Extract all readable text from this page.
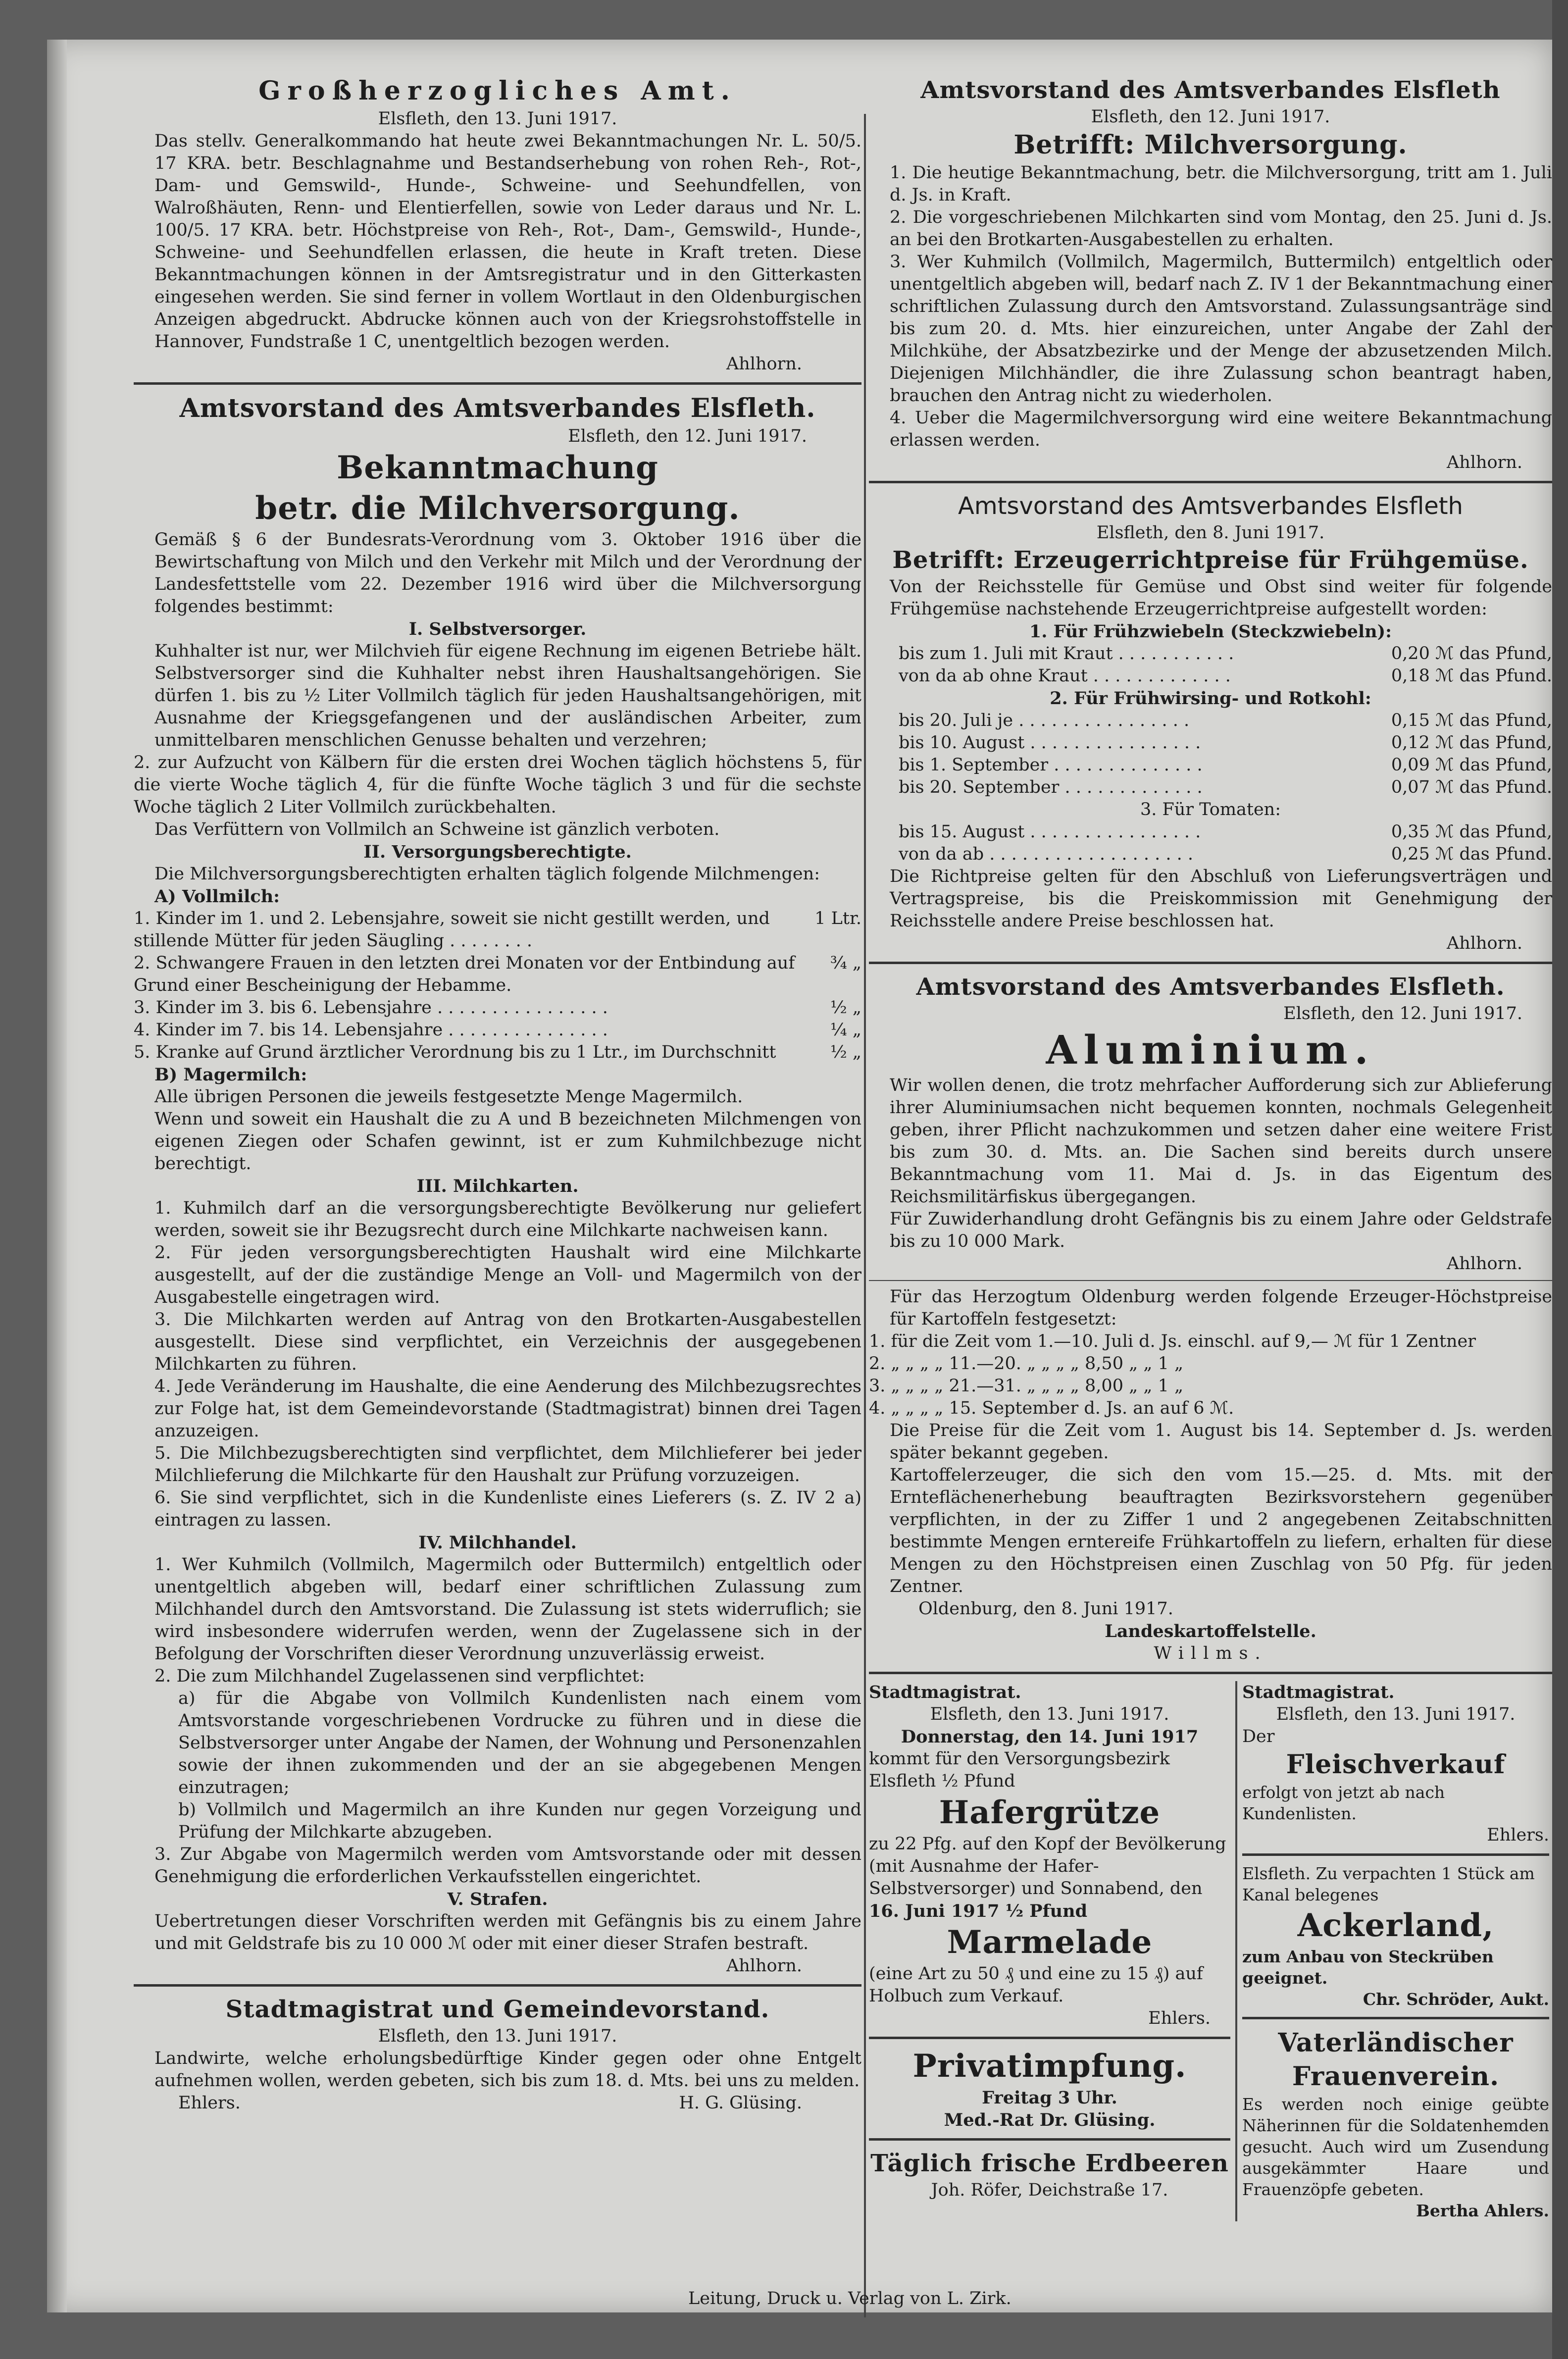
Großherzogliches Amt.
Elsfleth, den 13. Juni 1917.

Das stellv. Generalkommando hat heute zwei Bekanntmachungen Nr. L. 50/5. 17 KRA. betr. Beschlagnahme und Bestandserhebung von rohen Reh-, Rot-, Dam- und Gemswild-, Hunde-, Schweine- und Seehundfellen, von Walroßhäuten, Renn- und Elentierfellen, sowie von Leder daraus und Nr. L. 100/5. 17 KRA. betr. Höchstpreise von Reh-, Rot-, Dam-, Gemswild-, Hunde-, Schweine- und Seehundfellen erlassen, die heute in Kraft treten. Diese Bekanntmachungen können in der Amtsregistratur und in den Gitterkasten eingesehen werden. Sie sind ferner in vollem Wortlaut in den Oldenburgischen Anzeigen abgedruckt. Abdrucke können auch von der Kriegsrohstoffstelle in Hannover, Fundstraße 1 C, unentgeltlich bezogen werden.

Ahlhorn.
Amtsvorstand des Amtsverbandes Elsfleth.
Elsfleth, den 12. Juni 1917.
Bekanntmachung
betr. die Milchversorgung.

Gemäß § 6 der Bundesrats-Verordnung vom 3. Oktober 1916 über die Bewirtschaftung von Milch und den Verkehr mit Milch und der Verordnung der Landesfettstelle vom 22. Dezember 1916 wird über die Milchversorgung folgendes bestimmt:

I. Selbstversorger.

Kuhhalter ist nur, wer Milchvieh für eigene Rechnung im eigenen Betriebe hält. Selbstversorger sind die Kuhhalter nebst ihren Haushaltsangehörigen. Sie dürfen 1. bis zu ½ Liter Vollmilch täglich für jeden Haushaltsangehörigen, mit Ausnahme der Kriegsgefangenen und der ausländischen Arbeiter, zum unmittelbaren menschlichen Genusse behalten und verzehren;

2. zur Aufzucht von Kälbern für die ersten drei Wochen täglich höchstens 5, für die vierte Woche täglich 4, für die fünfte Woche täglich 3 und für die sechste Woche täglich 2 Liter Vollmilch zurückbehalten.

Das Verfüttern von Vollmilch an Schweine ist gänzlich verboten.

II. Versorgungsberechtigte.

Die Milchversorgungsberechtigten erhalten täglich folgende Milchmengen:

A) Vollmilch:

1. Kinder im 1. und 2. Lebensjahre, soweit sie nicht gestillt werden, und stillende Mütter für jeden Säugling . . . . . . . .
1 Ltr.
2. Schwangere Frauen in den letzten drei Monaten vor der Entbindung auf Grund einer Bescheinigung der Hebamme.
¾ „
3. Kinder im 3. bis 6. Lebensjahre . . . . . . . . . . . . . . . .	½ „
4. Kinder im 7. bis 14. Lebensjahre . . . . . . . . . . . . . . .	¼ „
5. Kranke auf Grund ärztlicher Verordnung bis zu 1 Ltr., im Durchschnitt	½ „

B) Magermilch:

Alle übrigen Personen die jeweils festgesetzte Menge Magermilch.

Wenn und soweit ein Haushalt die zu A und B bezeichneten Milchmengen von eigenen Ziegen oder Schafen gewinnt, ist er zum Kuhmilchbezuge nicht berechtigt.

III. Milchkarten.

1. Kuhmilch darf an die versorgungsberechtigte Bevölkerung nur geliefert werden, soweit sie ihr Bezugsrecht durch eine Milchkarte nachweisen kann.

2. Für jeden versorgungsberechtigten Haushalt wird eine Milchkarte ausgestellt, auf der die zuständige Menge an Voll- und Magermilch von der Ausgabestelle eingetragen wird.

3. Die Milchkarten werden auf Antrag von den Brotkarten-Ausgabestellen ausgestellt. Diese sind verpflichtet, ein Verzeichnis der ausgegebenen Milchkarten zu führen.

4. Jede Veränderung im Haushalte, die eine Aenderung des Milchbezugsrechtes zur Folge hat, ist dem Gemeindevorstande (Stadtmagistrat) binnen drei Tagen anzuzeigen.

5. Die Milchbezugsberechtigten sind verpflichtet, dem Milchlieferer bei jeder Milchlieferung die Milchkarte für den Haushalt zur Prüfung vorzuzeigen.

6. Sie sind verpflichtet, sich in die Kundenliste eines Lieferers (s. Z. IV 2 a) eintragen zu lassen.

IV. Milchhandel.

1. Wer Kuhmilch (Vollmilch, Magermilch oder Buttermilch) entgeltlich oder unentgeltlich abgeben will, bedarf einer schriftlichen Zulassung zum Milchhandel durch den Amtsvorstand. Die Zulassung ist stets widerruflich; sie wird insbesondere widerrufen werden, wenn der Zugelassene sich in der Befolgung der Vorschriften dieser Verordnung unzuverlässig erweist.

2. Die zum Milchhandel Zugelassenen sind verpflichtet:

a) für die Abgabe von Vollmilch Kundenlisten nach einem vom Amtsvorstande vorgeschriebenen Vordrucke zu führen und in diese die Selbstversorger unter Angabe der Namen, der Wohnung und Personenzahlen sowie der ihnen zukommenden und der an sie abgegebenen Mengen einzutragen;

b) Vollmilch und Magermilch an ihre Kunden nur gegen Vorzeigung und Prüfung der Milchkarte abzugeben.

3. Zur Abgabe von Magermilch werden vom Amtsvorstande oder mit dessen Genehmigung die erforderlichen Verkaufsstellen eingerichtet.

V. Strafen.

Uebertretungen dieser Vorschriften werden mit Gefängnis bis zu einem Jahre und mit Geldstrafe bis zu 10 000 ℳ oder mit einer dieser Strafen bestraft.

Ahlhorn.
Stadtmagistrat und Gemeindevorstand.
Elsfleth, den 13. Juni 1917.

Landwirte, welche erholungsbedürftige Kinder gegen oder ohne Entgelt aufnehmen wollen, werden gebeten, sich bis zum 18. d. Mts. bei uns zu melden.

Ehlers.	H. G. Glüsing.
Amtsvorstand des Amtsverbandes Elsfleth
Elsfleth, den 12. Juni 1917.
Betrifft: Milchversorgung.

1. Die heutige Bekanntmachung, betr. die Milchversorgung, tritt am 1. Juli d. Js. in Kraft.

2. Die vorgeschriebenen Milchkarten sind vom Montag, den 25. Juni d. Js. an bei den Brotkarten-Ausgabestellen zu erhalten.

3. Wer Kuhmilch (Vollmilch, Magermilch, Buttermilch) entgeltlich oder unentgeltlich abgeben will, bedarf nach Z. IV 1 der Bekanntmachung einer schriftlichen Zulassung durch den Amtsvorstand. Zulassungsanträge sind bis zum 20. d. Mts. hier einzureichen, unter Angabe der Zahl der Milchkühe, der Absatzbezirke und der Menge der abzusetzenden Milch. Diejenigen Milchhändler, die ihre Zulassung schon beantragt haben, brauchen den Antrag nicht zu wiederholen.

4. Ueber die Magermilchversorgung wird eine weitere Bekanntmachung erlassen werden.

Ahlhorn.
Amtsvorstand des Amtsverbandes Elsfleth
Elsfleth, den 8. Juni 1917.
Betrifft: Erzeugerrichtpreise für Frühgemüse.

Von der Reichsstelle für Gemüse und Obst sind weiter für folgende Frühgemüse nachstehende Erzeugerrichtpreise aufgestellt worden:

1. Für Frühzwiebeln (Steckzwiebeln):
bis zum 1. Juli mit Kraut . . . . . . . . . . .	0,20 ℳ das Pfund,
von da ab ohne Kraut . . . . . . . . . . . . .	0,18 ℳ das Pfund.
2. Für Frühwirsing- und Rotkohl:
bis 20. Juli je . . . . . . . . . . . . . . . .	0,15 ℳ das Pfund,
bis 10. August . . . . . . . . . . . . . . . .	0,12 ℳ das Pfund,
bis 1. September . . . . . . . . . . . . . .	0,09 ℳ das Pfund,
bis 20. September . . . . . . . . . . . . .	0,07 ℳ das Pfund.
3. Für Tomaten:
bis 15. August . . . . . . . . . . . . . . . .	0,35 ℳ das Pfund,
von da ab . . . . . . . . . . . . . . . . . . .	0,25 ℳ das Pfund.

Die Richtpreise gelten für den Abschluß von Lieferungsverträgen und Vertragspreise, bis die Preiskommission mit Genehmigung der Reichsstelle andere Preise beschlossen hat.

Ahlhorn.
Amtsvorstand des Amtsverbandes Elsfleth.
Elsfleth, den 12. Juni 1917.
Aluminium.

Wir wollen denen, die trotz mehrfacher Aufforderung sich zur Ablieferung ihrer Aluminiumsachen nicht bequemen konnten, nochmals Gelegenheit geben, ihrer Pflicht nachzukommen und setzen daher eine weitere Frist bis zum 30. d. Mts. an. Die Sachen sind bereits durch unsere Bekanntmachung vom 11. Mai d. Js. in das Eigentum des Reichsmilitärfiskus übergegangen.

Für Zuwiderhandlung droht Gefängnis bis zu einem Jahre oder Geldstrafe bis zu 10 000 Mark.

Ahlhorn.

Für das Herzogtum Oldenburg werden folgende Erzeuger-Höchstpreise für Kartoffeln festgesetzt:

1. für die Zeit vom 1.—10. Juli d. Js. einschl. auf 9,— ℳ für 1 Zentner
2. „ „ „ „ 11.—20. „ „ „ „ 8,50 „ „ 1 „
3. „ „ „ „ 21.—31. „ „ „ „ 8,00 „ „ 1 „
4. „ „ „ „ 15. September d. Js. an auf 6 ℳ.

Die Preise für die Zeit vom 1. August bis 14. September d. Js. werden später bekannt gegeben.

Kartoffelerzeuger, die sich den vom 15.—25. d. Mts. mit der Ernteflächenerhebung beauftragten Bezirksvorstehern gegenüber verpflichten, in der zu Ziffer 1 und 2 angegebenen Zeitabschnitten bestimmte Mengen erntereife Frühkartoffeln zu liefern, erhalten für diese Mengen zu den Höchstpreisen einen Zuschlag von 50 Pfg. für jeden Zentner.

Oldenburg, den 8. Juni 1917.
Landeskartoffelstelle.
Willms.
Stadtmagistrat.
Elsfleth, den 13. Juni 1917.
Donnerstag, den 14. Juni 1917

kommt für den Versorgungsbezirk Elsfleth ½ Pfund

Hafergrütze

zu 22 Pfg. auf den Kopf der Bevölkerung (mit Ausnahme der Hafer-Selbstversorger) und Sonnabend, den

16. Juni 1917 ½ Pfund
Marmelade

(eine Art zu 50 ₰ und eine zu 15 ₰) auf Holbuch zum Verkauf.

Ehlers.
Privatimpfung.
Freitag 3 Uhr.
Med.-Rat Dr. Glüsing.
Täglich frische Erdbeeren
Joh. Röfer, Deichstraße 17.
Stadtmagistrat.
Elsfleth, den 13. Juni 1917.
Der
Fleischverkauf

erfolgt von jetzt ab nach Kundenlisten.

Ehlers.

Elsfleth. Zu verpachten 1 Stück am Kanal belegenes

Ackerland,

zum Anbau von Steckrüben geeignet.

Chr. Schröder, Aukt.
Vaterländischer Frauenverein.

Es werden noch einige geübte Näherinnen für die Soldatenhemden gesucht. Auch wird um Zusendung ausgekämmter Haare und Frauenzöpfe gebeten.

Bertha Ahlers.
Leitung, Druck u. Verlag von L. Zirk.
